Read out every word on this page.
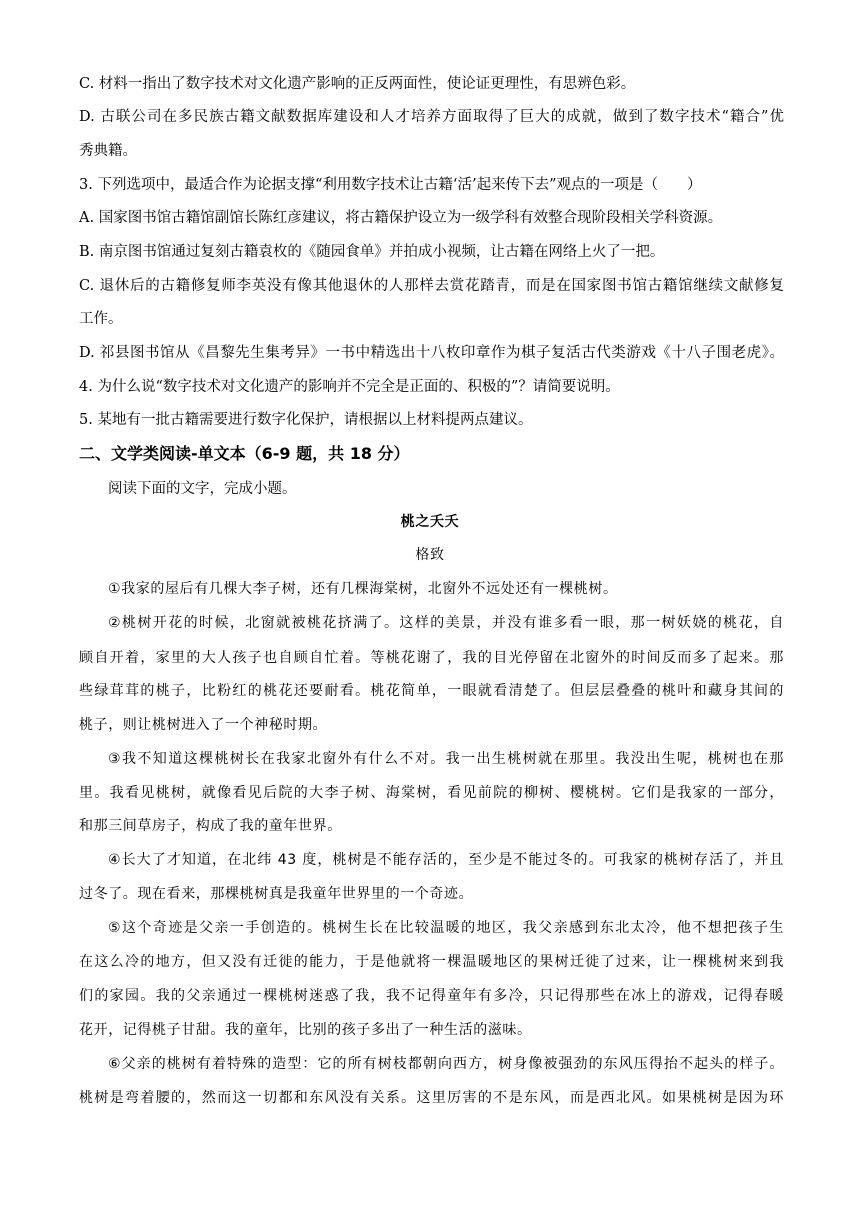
C. 材料一指出了数字技术对文化遗产影响的正反两面性，使论证更理性，有思辨色彩。
D. 古联公司在多民族古籍文献数据库建设和人才培养方面取得了巨大的成就，做到了数字技术“籍合”优
秀典籍。
3. 下列选项中，最适合作为论据支撑“利用数字技术让古籍‘活’起来传下去”观点的一项是（　　）
A. 国家图书馆古籍馆副馆长陈红彦建议，将古籍保护设立为一级学科有效整合现阶段相关学科资源。
B. 南京图书馆通过复刻古籍袁枚的《随园食单》并拍成小视频，让古籍在网络上火了一把。
C. 退休后的古籍修复师李英没有像其他退休的人那样去赏花踏青，而是在国家图书馆古籍馆继续文献修复
工作。
D. 祁县图书馆从《昌黎先生集考异》一书中精选出十八枚印章作为棋子复活古代类游戏《十八子围老虎》。
4. 为什么说“数字技术对文化遗产的影响并不完全是正面的、积极的”？请简要说明。
5. 某地有一批古籍需要进行数字化保护，请根据以上材料提两点建议。
二、文学类阅读-单文本（6-9 题，共 18 分）
阅读下面的文字，完成小题。
桃之夭夭
格致
①我家的屋后有几棵大李子树，还有几棵海棠树，北窗外不远处还有一棵桃树。
②桃树开花的时候，北窗就被桃花挤满了。这样的美景，并没有谁多看一眼，那一树妖娆的桃花，自
顾自开着，家里的大人孩子也自顾自忙着。等桃花谢了，我的目光停留在北窗外的时间反而多了起来。那
些绿茸茸的桃子，比粉红的桃花还要耐看。桃花简单，一眼就看清楚了。但层层叠叠的桃叶和藏身其间的
桃子，则让桃树进入了一个神秘时期。
③我不知道这棵桃树长在我家北窗外有什么不对。我一出生桃树就在那里。我没出生呢，桃树也在那
里。我看见桃树，就像看见后院的大李子树、海棠树，看见前院的柳树、樱桃树。它们是我家的一部分，
和那三间草房子，构成了我的童年世界。
④长大了才知道，在北纬 43 度，桃树是不能存活的，至少是不能过冬的。可我家的桃树存活了，并且
过冬了。现在看来，那棵桃树真是我童年世界里的一个奇迹。
⑤这个奇迹是父亲一手创造的。桃树生长在比较温暖的地区，我父亲感到东北太冷，他不想把孩子生
在这么冷的地方，但又没有迁徙的能力，于是他就将一棵温暖地区的果树迁徙了过来，让一棵桃树来到我
们的家园。我的父亲通过一棵桃树迷惑了我，我不记得童年有多冷，只记得那些在冰上的游戏，记得春暖
花开，记得桃子甘甜。我的童年，比别的孩子多出了一种生活的滋味。
⑥父亲的桃树有着特殊的造型：它的所有树枝都朝向西方，树身像被强劲的东风压得抬不起头的样子。
桃树是弯着腰的，然而这一切都和东风没有关系。这里厉害的不是东风，而是西北风。如果桃树是因为环
